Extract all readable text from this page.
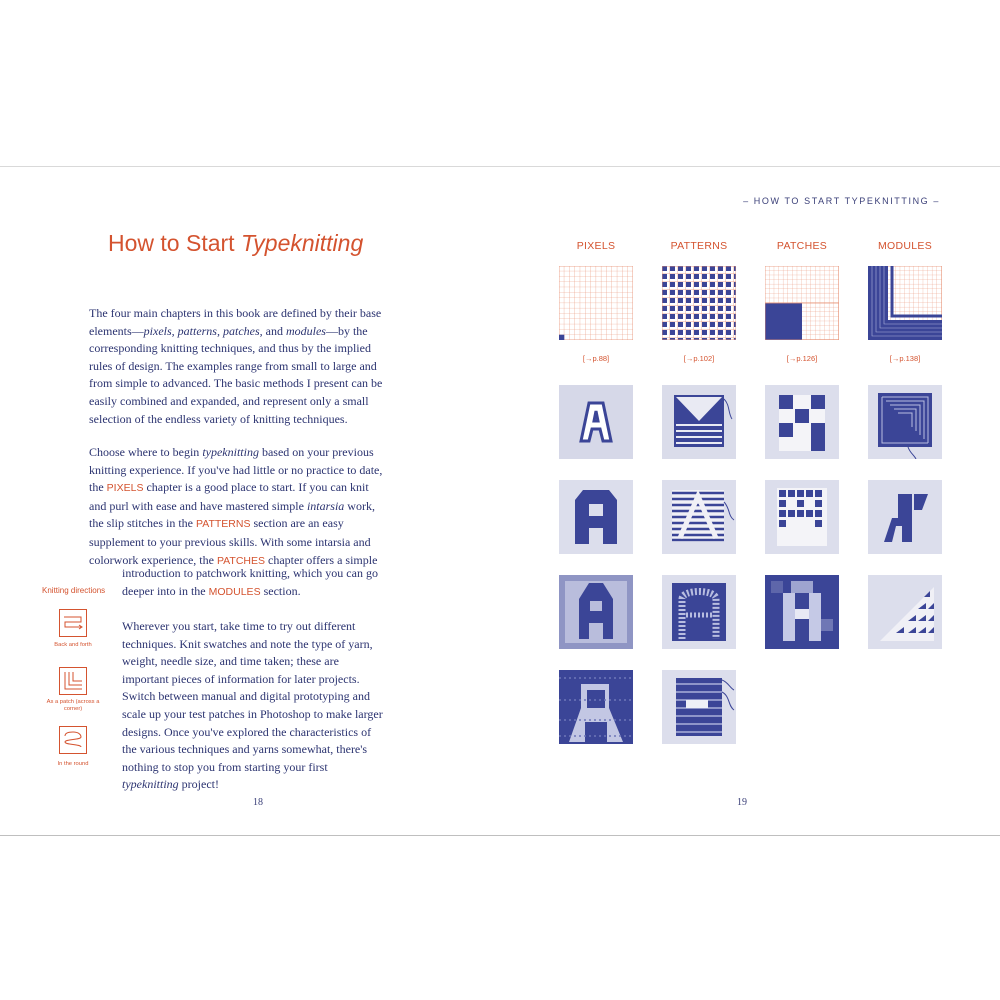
– HOW TO START TYPEKNITTING –
How to Start Typeknitting

The four main chapters in this book are defined by their base elements—pixels, patterns, patches, and modules—by the corresponding knitting techniques, and thus by the implied rules of design. The examples range from small to large and from simple to advanced. The basic methods I present can be easily combined and expanded, and represent only a small selection of the endless variety of knitting techniques.

Choose where to begin typeknitting based on your previous knitting experience. If you've had little or no practice to date, the PIXELS chapter is a good place to start. If you can knit and purl with ease and have mastered simple intarsia work, the slip stitches in the PATTERNS section are an easy supplement to your previous skills. With some intarsia and colorwork experience, the PATCHES chapter offers a simple

introduction to patchwork knitting, which you can go deeper into in the MODULES section.

Wherever you start, take time to try out different techniques. Knit swatches and note the type of yarn, weight, needle size, and time taken; these are important pieces of information for later projects. Switch between manual and digital prototyping and scale up your test patches in Photoshop to make larger designs. Once you've explored the characteristics of the various techniques and yarns somewhat, there's nothing to stop you from starting your first typeknitting project!

Knitting directions
Back and forth
As a patch (across a corner)
In the round
18	19
PIXELS	PATTERNS	PATCHES	MODULES
[→p.88]	[→p.102]	[→p.126]	[→p.138]
